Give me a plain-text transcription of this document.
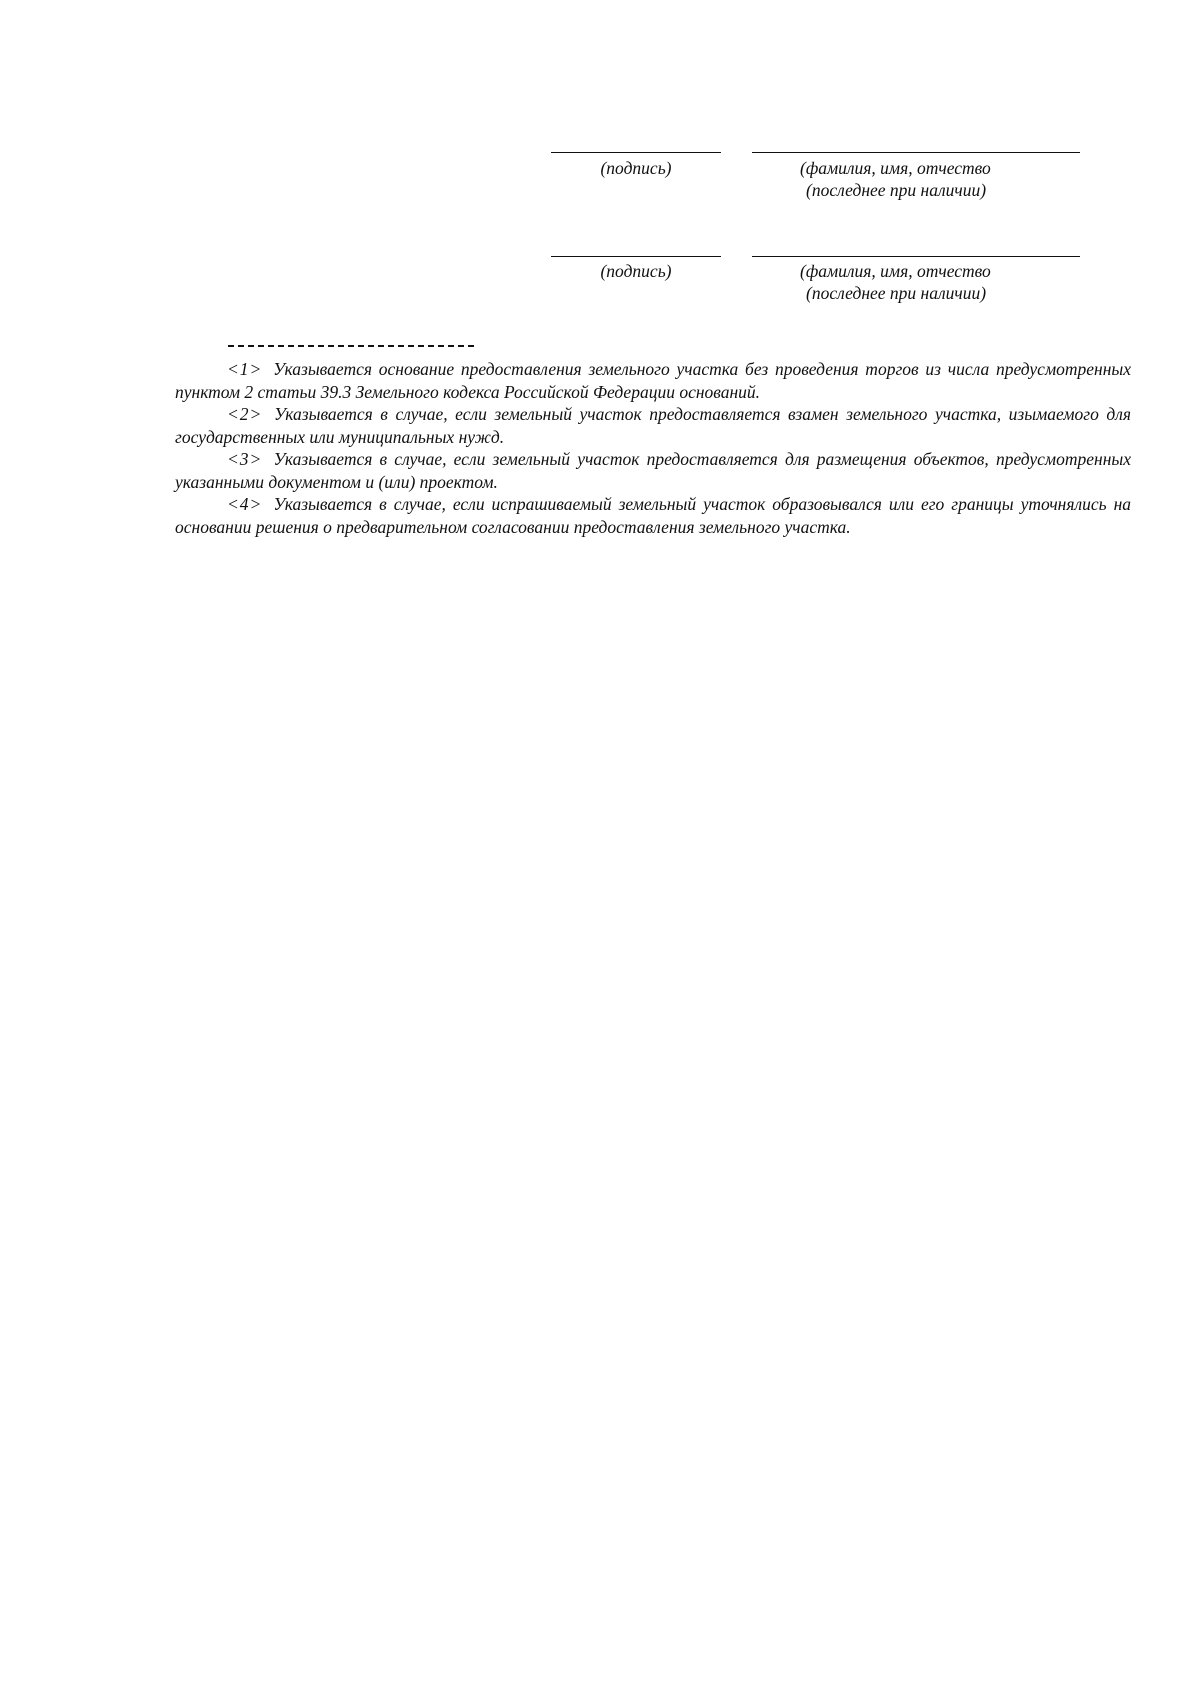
(подпись)	(фамилия, имя, отчество
(последнее при наличии)
(подпись)	(фамилия, имя, отчество
(последнее при наличии)

<1> Указывается основание предоставления земельного участка без проведения торгов из числа предусмотренных пунктом 2 статьи 39.3 Земельного кодекса Российской Федерации оснований.

<2> Указывается в случае, если земельный участок предоставляется взамен земельного участка, изымаемого для государственных или муниципальных нужд.

<3> Указывается в случае, если земельный участок предоставляется для размещения объектов, предусмотренных указанными документом и (или) проектом.

<4> Указывается в случае, если испрашиваемый земельный участок образовывался или его границы уточнялись на основании решения о предварительном согласовании предоставления земельного участка.
